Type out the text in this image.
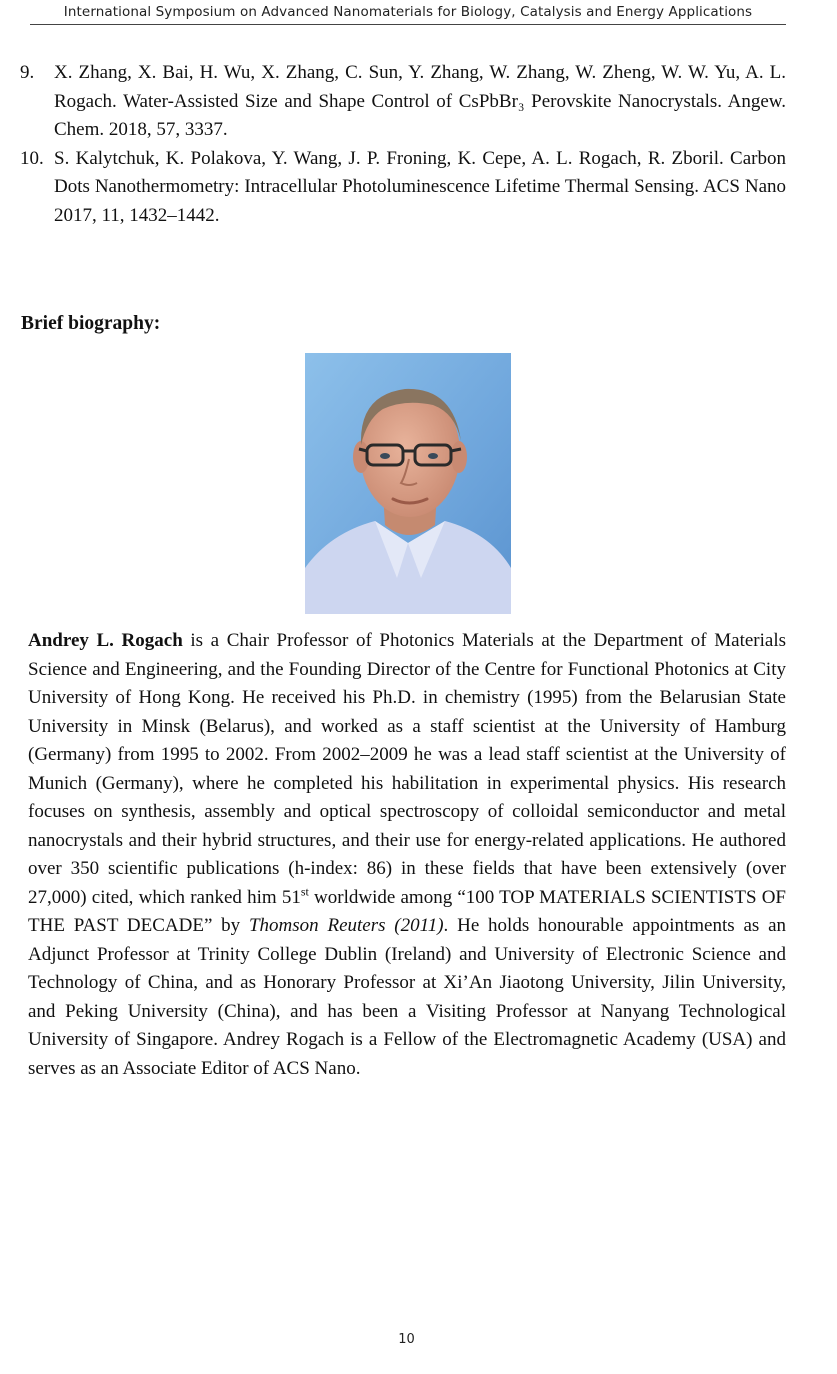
International Symposium on Advanced Nanomaterials for Biology, Catalysis and Energy Applications
9. X. Zhang, X. Bai, H. Wu, X. Zhang, C. Sun, Y. Zhang, W. Zhang, W. Zheng, W. W. Yu, A. L. Rogach. Water-Assisted Size and Shape Control of CsPbBr₃ Perovskite Nanocrystals. Angew. Chem. 2018, 57, 3337.
10. S. Kalytchuk, K. Polakova, Y. Wang, J. P. Froning, K. Cepe, A. L. Rogach, R. Zboril. Carbon Dots Nanothermometry: Intracellular Photoluminescence Lifetime Thermal Sensing. ACS Nano 2017, 11, 1432–1442.
Brief biography:

Andrey L. Rogach is a Chair Professor of Photonics Materials at the Department of Materials Science and Engineering, and the Founding Director of the Centre for Functional Photonics at City University of Hong Kong. He received his Ph.D. in chemistry (1995) from the Belarusian State University in Minsk (Belarus), and worked as a staff scientist at the University of Hamburg (Germany) from 1995 to 2002. From 2002–2009 he was a lead staff scientist at the University of Munich (Germany), where he completed his habilitation in experimental physics. His research focuses on synthesis, assembly and optical spectroscopy of colloidal semiconductor and metal nanocrystals and their hybrid structures, and their use for energy-related applications. He authored over 350 scientific publications (h-index: 86) in these fields that have been extensively (over 27,000) cited, which ranked him 51st worldwide among “100 TOP MATERIALS SCIENTISTS OF THE PAST DECADE” by Thomson Reuters (2011). He holds honourable appointments as an Adjunct Professor at Trinity College Dublin (Ireland) and University of Electronic Science and Technology of China, and as Honorary Professor at Xi’An Jiaotong University, Jilin University, and Peking University (China), and has been a Visiting Professor at Nanyang Technological University of Singapore. Andrey Rogach is a Fellow of the Electromagnetic Academy (USA) and serves as an Associate Editor of ACS Nano.

10
